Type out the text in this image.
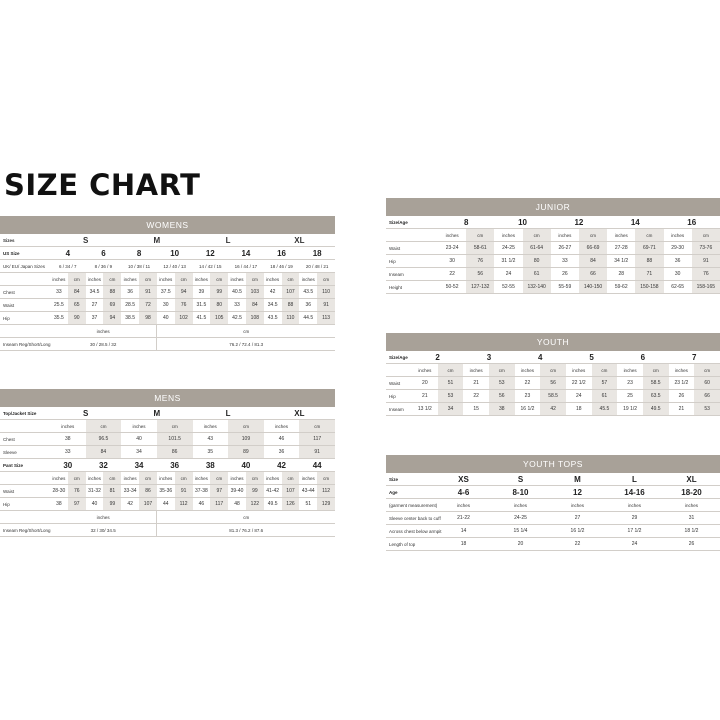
SIZE CHART
WOMENS
Sizes	S				M				L				XL			
US Size	4		6		8		10		12		14		16		18	
UK/ EU/ Japan Sizes	6 / 34 / 7		8 / 36 / 9		10 / 38 / 11		12 / 40 / 13		14 / 42 / 15		16 / 44 / 17		18 / 46 / 19		20 / 48 / 21	
	inches	cm	inches	cm	inches	cm	inches	cm	inches	cm	inches	cm	inches	cm	inches	cm
Chest	33	84	34.5	88	36	91	37.5	94	39	99	40.5	103	42	107	43.5	110
Waist	25.5	65	27	69	28.5	72	30	76	31.5	80	33	84	34.5	88	36	91
Hip	35.5	90	37	94	38.5	98	40	102	41.5	105	42.5	108	43.5	110	44.5	113
	inches						cm									
Inseam Reg/Short/Long	30 / 28.5 / 32						76.2 / 72.4 / 81.3									
MENS
Top/Jacket Size	S				M				L				XL			
	inches		cm		inches		cm		inches		cm		inches		cm	
Chest	38		96.5		40		101.5		43		109		46		117	
Sleeve	33		84		34		86		35		89		36		91	
Pant Size	30		32		34		36		38		40		42		44	
	inches	cm	inches	cm	inches	cm	inches	cm	inches	cm	inches	cm	inches	cm	inches	cm
Waist	28-30	76	31-32	81	33-34	86	35-36	91	37-38	97	39-40	99	41-42	107	43-44	112
Hip	38	97	40	99	42	107	44	112	46	117	48	122	49.5	126	51	129
	inches						cm									
Inseam Reg/Short/Long	32 / 30/ 34.5						81.3 / 76.2 / 87.6									
JUNIOR
Size/Age	8		10		12		14		16	
	inches	cm	inches	cm	inches	cm	inches	cm	inches	cm
Waist	23-24	58-61	24-25	61-64	26-27	66-69	27-28	69-71	29-30	73-76
Hip	30	76	31 1/2	80	33	84	34 1/2	88	36	91
Inseam	22	56	24	61	26	66	28	71	30	76
Height	50-52	127-132	52-55	132-140	55-59	140-150	59-62	150-158	62-65	158-165
YOUTH
Size/Age	2		3		4		5		6		7	
	inches	cm	inches	cm	inches	cm	inches	cm	inches	cm	inches	cm
Waist	20	51	21	53	22	56	22 1/2	57	23	58.5	23 1/2	60
Hip	21	53	22	56	23	58.5	24	61	25	63.5	26	66
Inseam	13 1/2	34	15	38	16 1/2	42	18	45.5	19 1/2	49.5	21	53
YOUTH TOPS
Size	XS	S	M	L	XL
Age	4-6	8-10	12	14-16	18-20
(garment measurement)	inches	inches	inches	inches	inches
Sleeve center back to cuff	21-22	24-25	27	29	31
Across chest below armpit	14	15 1/4	16 1/2	17 1/2	18 1/2
Length of top	18	20	22	24	26
